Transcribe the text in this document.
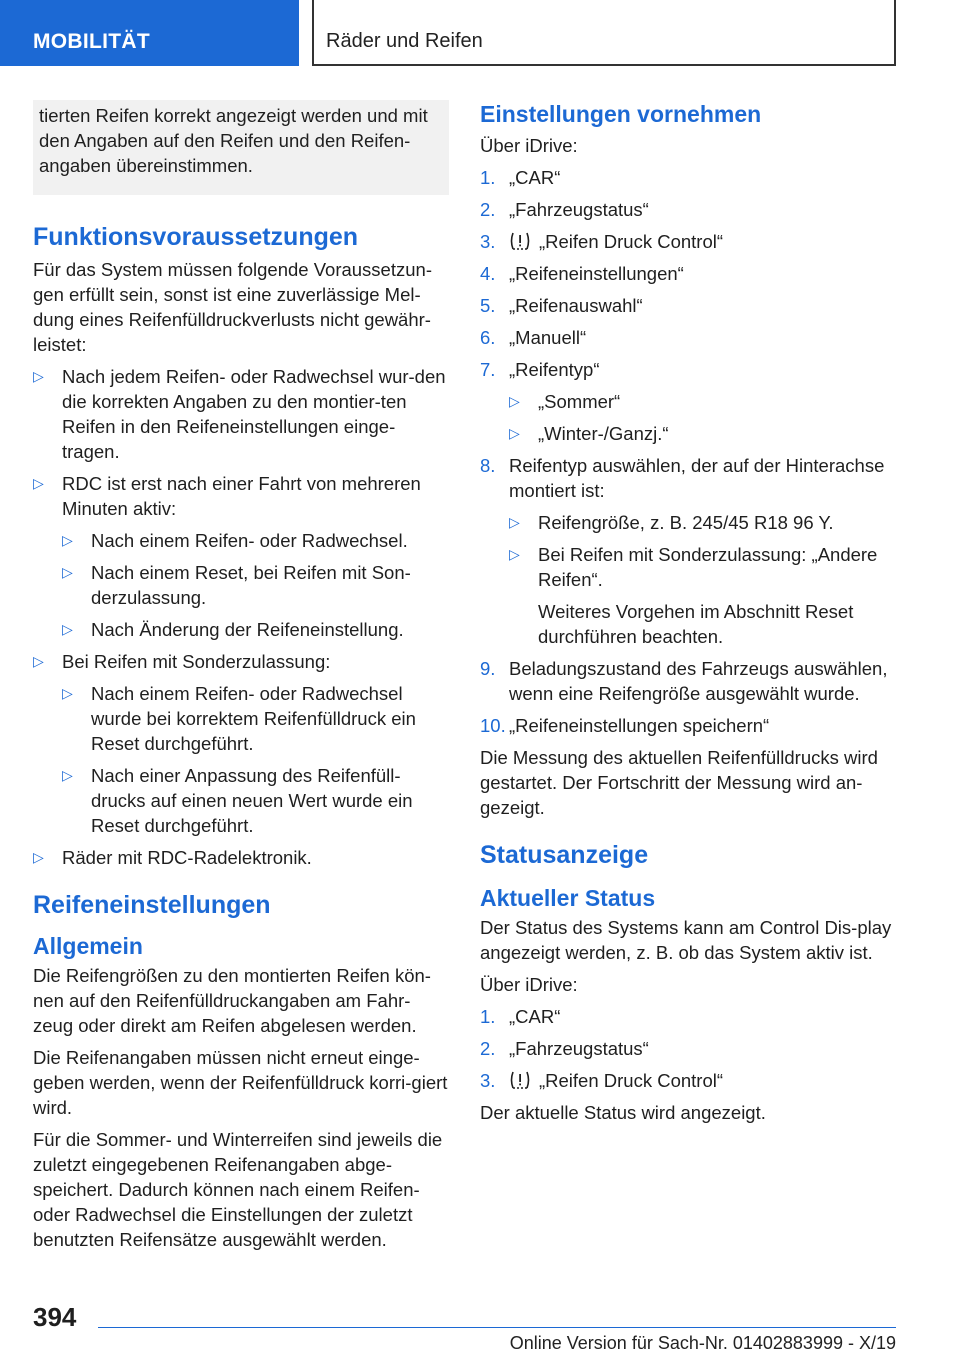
MOBILITÄT	Räder und Reifen
tierten Reifen korrekt angezeigt werden und mit den Angaben auf den Reifen und den Reifen-angaben übereinstimmen.
Funktionsvoraussetzungen

Für das System müssen folgende Voraussetzun-gen erfüllt sein, sonst ist eine zuverlässige Mel-dung eines Reifenfülldruckverlusts nicht gewähr-leistet:

▷ Nach jedem Reifen- oder Radwechsel wur-den die korrekten Angaben zu den montier-ten Reifen in den Reifeneinstellungen einge-tragen.
▷ RDC ist erst nach einer Fahrt von mehreren Minuten aktiv:
▷ Nach einem Reifen- oder Radwechsel.
▷ Nach einem Reset, bei Reifen mit Son-derzulassung.
▷ Nach Änderung der Reifeneinstellung.
▷ Bei Reifen mit Sonderzulassung:
▷ Nach einem Reifen- oder Radwechsel wurde bei korrektem Reifenfülldruck ein Reset durchgeführt.
▷ Nach einer Anpassung des Reifenfüll-drucks auf einen neuen Wert wurde ein Reset durchgeführt.
▷ Räder mit RDC-Radelektronik.
Reifeneinstellungen
Allgemein

Die Reifengrößen zu den montierten Reifen kön-nen auf den Reifenfülldruckangaben am Fahr-zeug oder direkt am Reifen abgelesen werden.

Die Reifenangaben müssen nicht erneut einge-geben werden, wenn der Reifenfülldruck korri-giert wird.

Für die Sommer- und Winterreifen sind jeweils die zuletzt eingegebenen Reifenangaben abge-speichert. Dadurch können nach einem Reifen-oder Radwechsel die Einstellungen der zuletzt benutzten Reifensätze ausgewählt werden.

Einstellungen vornehmen

Über iDrive:

1. „CAR“
2. „Fahrzeugstatus“
3. „Reifen Druck Control“
4. „Reifeneinstellungen“
5. „Reifenauswahl“
6. „Manuell“
7. „Reifentyp“
▷ „Sommer“
▷ „Winter-/Ganzj.“
8. Reifentyp auswählen, der auf der Hinterachse montiert ist:
▷ Reifengröße, z. B. 245/45 R18 96 Y.
▷ Bei Reifen mit Sonderzulassung: „Andere Reifen“.
Weiteres Vorgehen im Abschnitt Reset durchführen beachten.
9. Beladungszustand des Fahrzeugs auswählen, wenn eine Reifengröße ausgewählt wurde.
10. „Reifeneinstellungen speichern“

Die Messung des aktuellen Reifenfülldrucks wird gestartet. Der Fortschritt der Messung wird an-gezeigt.

Statusanzeige
Aktueller Status

Der Status des Systems kann am Control Dis-play angezeigt werden, z. B. ob das System aktiv ist.

Über iDrive:

1. „CAR“
2. „Fahrzeugstatus“
3. „Reifen Druck Control“

Der aktuelle Status wird angezeigt.

394
Online Version für Sach-Nr. 01402883999 - X/19
